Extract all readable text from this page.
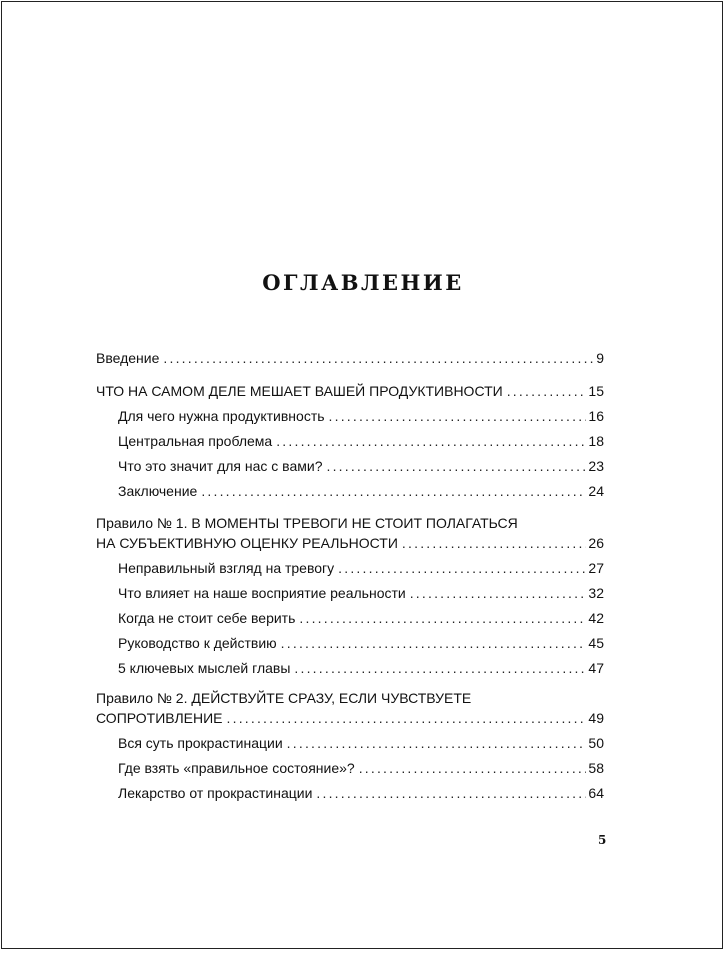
ОГЛАВЛЕНИЕ
Введение .....	9
ЧТО НА САМОМ ДЕЛЕ МЕШАЕТ ВАШЕЙ ПРОДУКТИВНОСТИ .....	15
Для чего нужна продуктивность .....	16
Центральная проблема .....	18
Что это значит для нас с вами? .....	23
Заключение .....	24
Правило № 1. В МОМЕНТЫ ТРЕВОГИ НЕ СТОИТ ПОЛАГАТЬСЯ
НА СУБЪЕКТИВНУЮ ОЦЕНКУ РЕАЛЬНОСТИ .....	26
Неправильный взгляд на тревогу .....	27
Что влияет на наше восприятие реальности .....	32
Когда не стоит себе верить .....	42
Руководство к действию .....	45
5 ключевых мыслей главы .....	47
Правило № 2. ДЕЙСТВУЙТЕ СРАЗУ, ЕСЛИ ЧУВСТВУЕТЕ
СОПРОТИВЛЕНИЕ .....	49
Вся суть прокрастинации .....	50
Где взять «правильное состояние»? .....	58
Лекарство от прокрастинации .....	64
5
